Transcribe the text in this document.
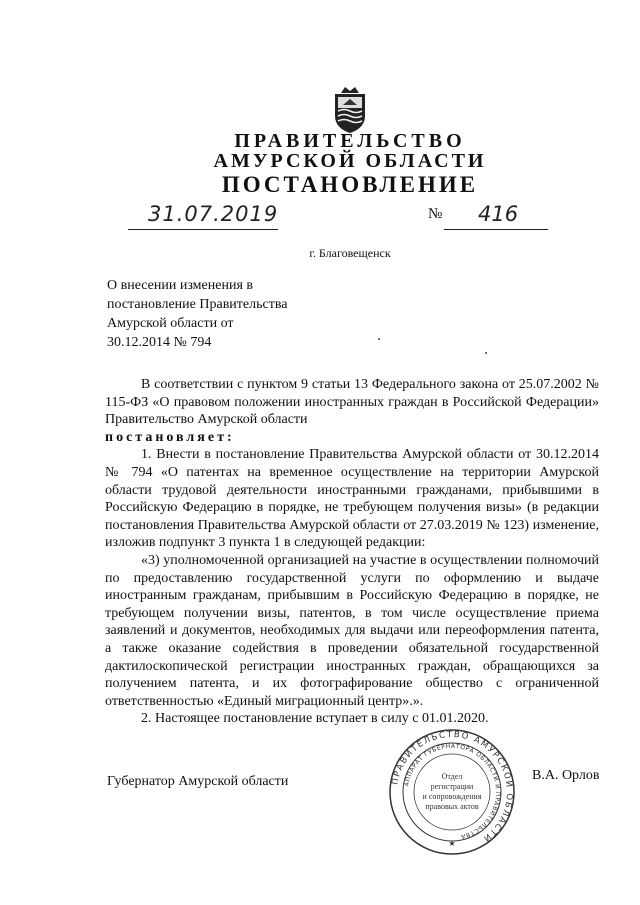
ПРАВИТЕЛЬСТВО
АМУРСКОЙ ОБЛАСТИ
ПОСТАНОВЛЕНИЕ
31.07.2019	№ 416
г. Благовещенск
О внесении изменения в
постановление Правительства
Амурской области от
30.12.2014 № 794

В соответствии с пунктом 9 статьи 13 Федерального закона от 25.07.2002 № 115-ФЗ «О правовом положении иностранных граждан в Российской Федерации» Правительство Амурской области

постановляет:

1. Внести в постановление Правительства Амурской области от 30.12.2014 № 794 «О патентах на временное осуществление на территории Амурской области трудовой деятельности иностранными гражданами, прибывшими в Российскую Федерацию в порядке, не требующем получения визы» (в редакции постановления Правительства Амурской области от 27.03.2019 № 123) изменение, изложив подпункт 3 пункта 1 в следующей редакции:

«3) уполномоченной организацией на участие в осуществлении полномочий по предоставлению государственной услуги по оформлению и выдаче иностранным гражданам, прибывшим в Российскую Федерацию в порядке, не требующем получении визы, патентов, в том числе осуществление приема заявлений и документов, необходимых для выдачи или переоформления патента, а также оказание содействия в проведении обязательной государственной дактилоскопической регистрации иностранных граждан, обращающихся за получением патента, и их фотографирование общество с ограниченной ответственностью «Единый миграционный центр».».

2. Настоящее постановление вступает в силу с 01.01.2020.

Губернатор Амурской области	В.А. Орлов
ПРАВИТЕЛЬСТВО АМУРСКОЙ ОБЛАСТИ
АППАРАТ ГУБЕРНАТОРА ОБЛАСТИ И ПРАВИТЕЛЬСТВА
★
Отдел
регистрации
и сопровождения
правовых актов
